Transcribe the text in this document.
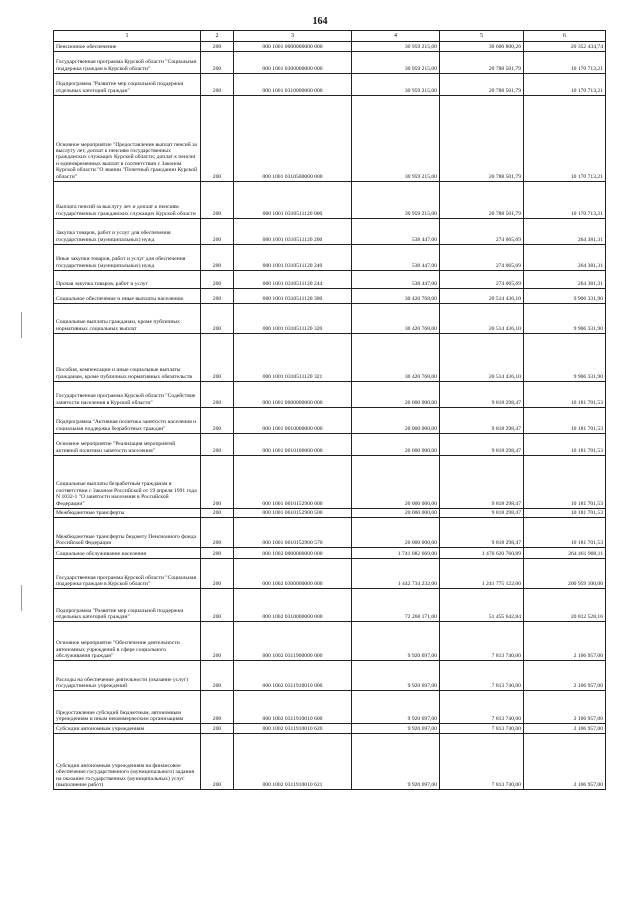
164
1	2	3	4	5	6
Пенсионное обеспечение	200	000 1001 0000000000 000	30 959 215,00	30 606 800,26	20 352 434,74
Государственная программа Курской области "Социальная поддержка граждан в Курской области"	200	000 1001 0300000000 000	30 959 215,00	20 788 501,79	10 170 713,21
Подпрограмма "Развитие мер социальной поддержки отдельных категорий граждан"	200	000 1001 0310000000 000	30 959 215,00	20 788 501,79	10 170 713,21
Основное мероприятие "Предоставление выплат пенсий за выслугу лет, доплат к пенсиям государственных гражданских служащих Курской области; доплат к пенсии и единовременных выплат в соответствии с Законом Курской области "О звании "Почетный гражданин Курской области"	200	000 1001 0310500000 000	30 959 215,00	20 788 501,79	10 170 713,21
Выплата пенсий за выслугу лет и доплат к пенсиям государственных гражданских служащих Курской области	200	000 1001 0310511120 000	30 959 215,00	20 788 501,79	10 170 713,21
Закупка товаров, работ и услуг для обеспечения государственных (муниципальных) нужд	200	000 1001 0310511120 200	538 447,00	274 065,69	264 381,31
Иные закупки товаров, работ и услуг для обеспечения государственных (муниципальных) нужд	200	000 1001 0310511120 240	538 447,00	274 065,69	264 381,31
Прочая закупка товаров, работ и услуг	200	000 1001 0310511120 244	538 447,00	274 065,69	264 381,31
Социальное обеспечение и иные выплаты населению	200	000 1001 0310511120 300	30 420 768,00	20 514 436,10	9 906 331,90
Социальные выплаты гражданам, кроме публичных нормативных социальных выплат	200	000 1001 0310511120 320	30 420 768,00	20 514 436,10	9 906 331,90
Пособия, компенсации и иные социальные выплаты гражданам, кроме публичных нормативных обязательств	200	000 1001 0310511120 321	30 420 768,00	20 514 436,10	9 906 331,90
Государственная программа Курской области "Содействие занятости населения в Курской области"	200	000 1001 0600000000 000	20 000 000,00	9 818 298,47	10 181 701,53
Подпрограмма "Активная политика занятости населения и социальная поддержка безработных граждан"	200	000 1001 0610000000 000	20 000 000,00	9 818 298,47	10 181 701,53
Основное мероприятие "Реализация мероприятий активной политики занятости населения"	200	000 1001 0610100000 000	20 000 000,00	9 818 298,47	10 181 701,53
Социальные выплаты безработным гражданам в соответствии с Законом Российской от 19 апреля 1991 года N 1032-1 "О занятости населения в Российской Федерации"	200	000 1001 0610152900 000	20 000 000,00	9 818 298,47	10 181 701,53
Межбюджетные трансферты	200	000 1001 0610152900 500	20 000 000,00	9 818 298,47	10 181 701,53
Межбюджетные трансферты бюджету Пенсионного фонда Российской Федерации	200	000 1001 0610152900 570	20 000 000,00	9 818 298,47	10 181 701,53
Социальное обслуживание населения	200	000 1002 0000000000 000	1 741 082 669,00	1 476 620 760,89	264 461 908,11
Государственная программа Курской области "Социальная поддержка граждан в Курской области"	200	000 1002 0300000000 000	1 442 734 232,00	1 241 775 122,00	200 959 100,00
Подпрограмма "Развитие мер социальной поддержки отдельных категорий граждан"	200	000 1002 0310000000 000	72 268 171,00	51 455 642,84	20 812 528,16
Основное мероприятие "Обеспечение деятельности автономных учреждений в сфере социального обслуживания граждан"	200	000 1002 0311900000 000	9 920 697,00	7 813 740,00	2 106 957,00
Расходы на обеспечение деятельности (оказание услуг) государственных учреждений	200	000 1002 0311910010 000	9 920 697,00	7 813 740,00	2 106 957,00
Предоставление субсидий бюджетным, автономным учреждениям и иным некоммерческим организациям	200	000 1002 0311910010 600	9 920 697,00	7 813 740,00	2 106 957,00
Субсидии автономным учреждениям	200	000 1002 0311910010 620	9 920 697,00	7 813 740,00	2 106 957,00
Субсидии автономным учреждениям на финансовое обеспечение государственного (муниципального) задания на оказание государственных (муниципальных) услуг (выполнение работ)	200	000 1002 0311910010 621	9 920 697,00	7 813 740,00	2 106 957,00
